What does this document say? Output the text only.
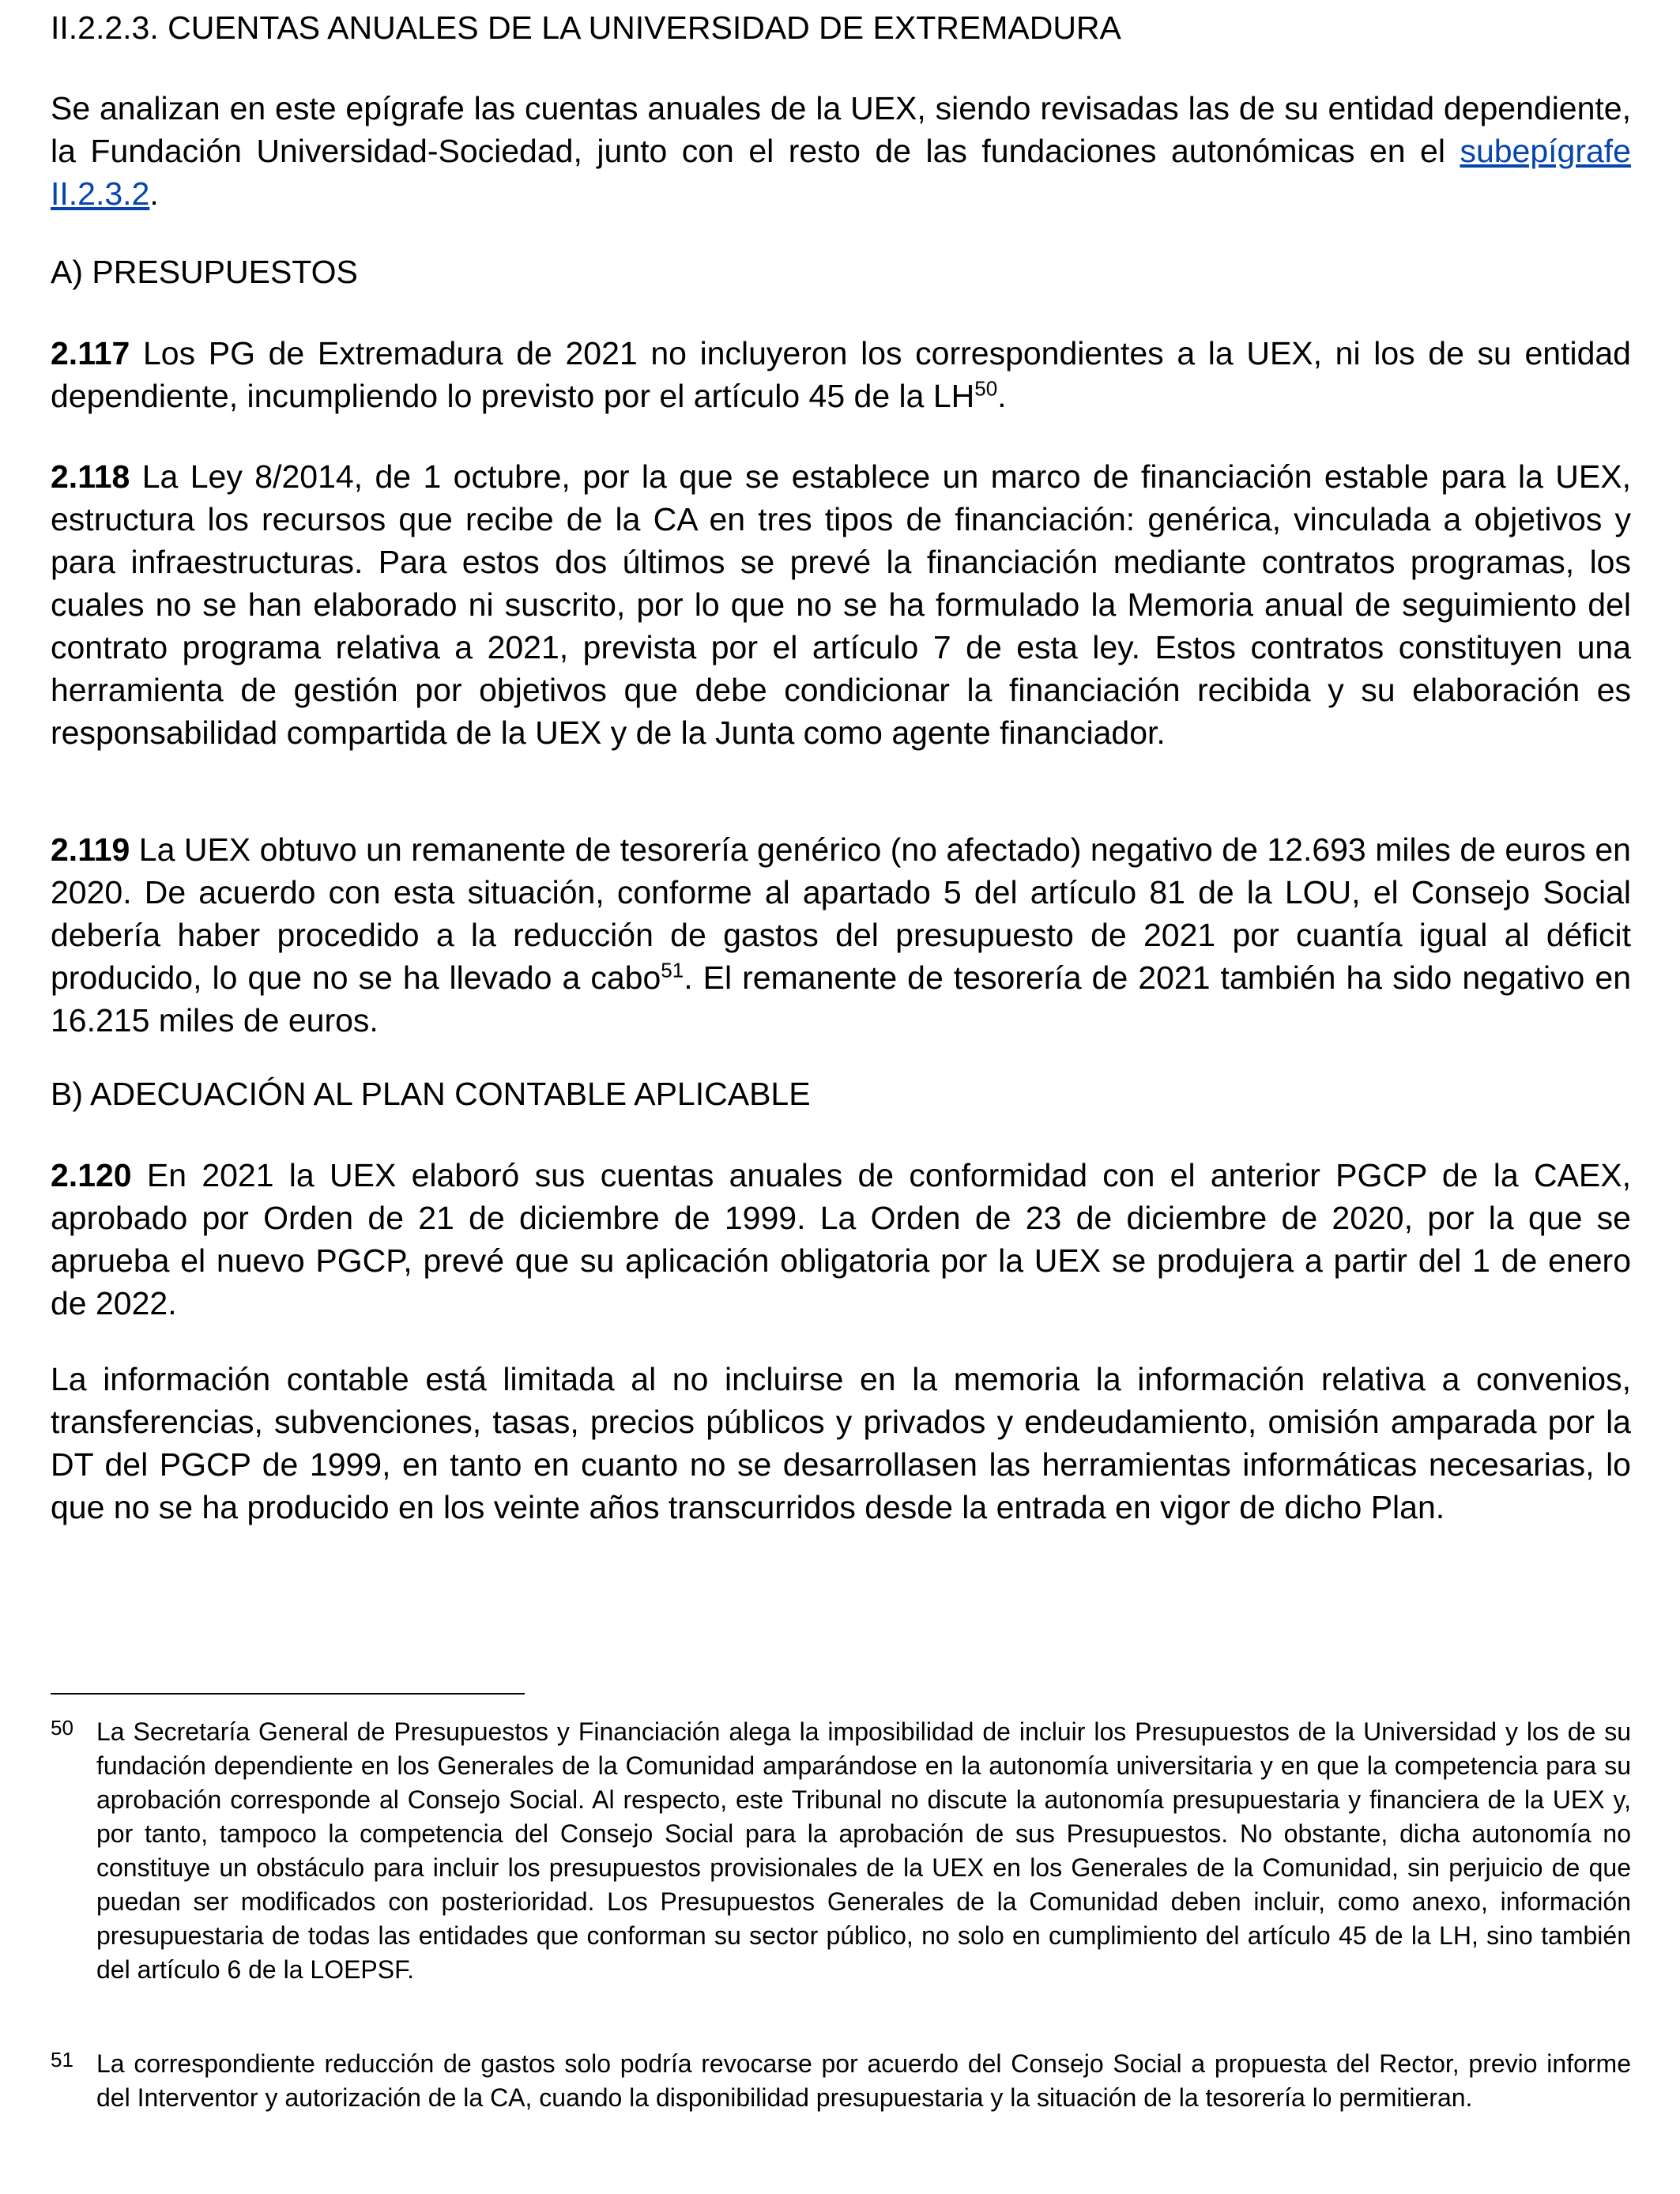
II.2.2.3. CUENTAS ANUALES DE LA UNIVERSIDAD DE EXTREMADURA
Se analizan en este epígrafe las cuentas anuales de la UEX, siendo revisadas las de su entidad dependiente, la Fundación Universidad-Sociedad, junto con el resto de las fundaciones autonómicas en el subepígrafe II.2.3.2.
A) PRESUPUESTOS
2.117 Los PG de Extremadura de 2021 no incluyeron los correspondientes a la UEX, ni los de su entidad dependiente, incumpliendo lo previsto por el artículo 45 de la LH$^{50}$.
2.118 La Ley 8/2014, de 1 octubre, por la que se establece un marco de financiación estable para la UEX, estructura los recursos que recibe de la CA en tres tipos de financiación: genérica, vinculada a objetivos y para infraestructuras. Para estos dos últimos se prevé la financiación mediante contratos programas, los cuales no se han elaborado ni suscrito, por lo que no se ha formulado la Memoria anual de seguimiento del contrato programa relativa a 2021, prevista por el artículo 7 de esta ley. Estos contratos constituyen una herramienta de gestión por objetivos que debe condicionar la financiación recibida y su elaboración es responsabilidad compartida de la UEX y de la Junta como agente financiador.
2.119 La UEX obtuvo un remanente de tesorería genérico (no afectado) negativo de 12.693 miles de euros en 2020. De acuerdo con esta situación, conforme al apartado 5 del artículo 81 de la LOU, el Consejo Social debería haber procedido a la reducción de gastos del presupuesto de 2021 por cuantía igual al déficit producido, lo que no se ha llevado a cabo$^{51}$. El remanente de tesorería de 2021 también ha sido negativo en 16.215 miles de euros.
B) ADECUACIÓN AL PLAN CONTABLE APLICABLE
2.120 En 2021 la UEX elaboró sus cuentas anuales de conformidad con el anterior PGCP de la CAEX, aprobado por Orden de 21 de diciembre de 1999. La Orden de 23 de diciembre de 2020, por la que se aprueba el nuevo PGCP, prevé que su aplicación obligatoria por la UEX se produjera a partir del 1 de enero de 2022.
La información contable está limitada al no incluirse en la memoria la información relativa a convenios, transferencias, subvenciones, tasas, precios públicos y privados y endeudamiento, omisión amparada por la DT del PGCP de 1999, en tanto en cuanto no se desarrollasen las herramientas informáticas necesarias, lo que no se ha producido en los veinte años transcurridos desde la entrada en vigor de dicho Plan.
50 La Secretaría General de Presupuestos y Financiación alega la imposibilidad de incluir los Presupuestos de la Universidad y los de su fundación dependiente en los Generales de la Comunidad amparándose en la autonomía universitaria y en que la competencia para su aprobación corresponde al Consejo Social. Al respecto, este Tribunal no discute la autonomía presupuestaria y financiera de la UEX y, por tanto, tampoco la competencia del Consejo Social para la aprobación de sus Presupuestos. No obstante, dicha autonomía no constituye un obstáculo para incluir los presupuestos provisionales de la UEX en los Generales de la Comunidad, sin perjuicio de que puedan ser modificados con posterioridad. Los Presupuestos Generales de la Comunidad deben incluir, como anexo, información presupuestaria de todas las entidades que conforman su sector público, no solo en cumplimiento del artículo 45 de la LH, sino también del artículo 6 de la LOEPSF.
51 La correspondiente reducción de gastos solo podría revocarse por acuerdo del Consejo Social a propuesta del Rector, previo informe del Interventor y autorización de la CA, cuando la disponibilidad presupuestaria y la situación de la tesorería lo permitieran.
